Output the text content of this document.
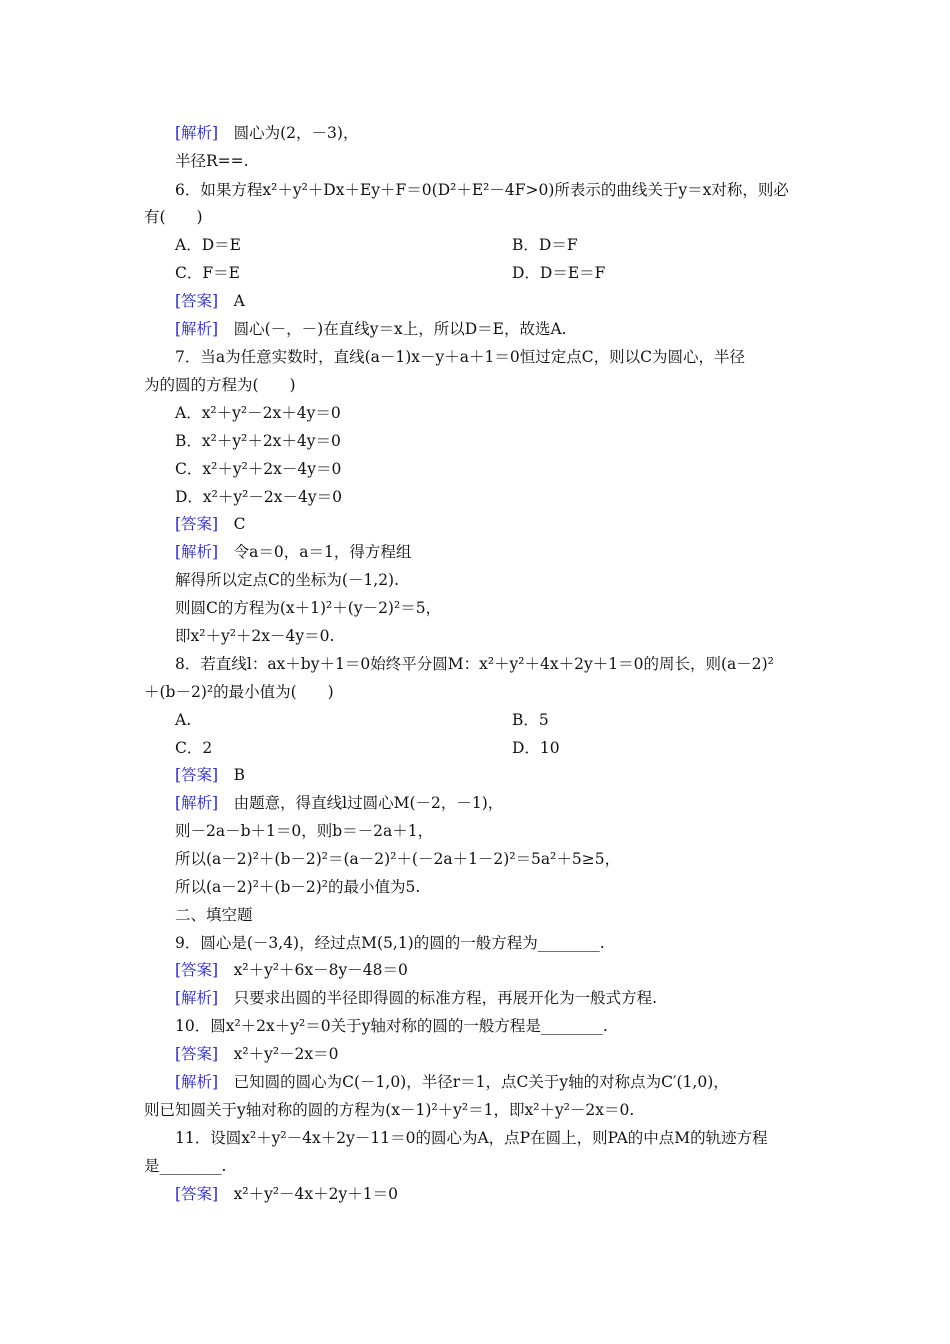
[解析]　 圆心为(2，－3)，
半径R==.
6．如果方程x²＋y²＋Dx＋Ey＋F＝0(D²＋E²－4F>0)所表示的曲线关于y＝x对称，则必
有(　　)
A．D＝E	B．D＝F
C．F＝E	D．D＝E＝F
[答案]　 A
[解析]　 圆心(－，－)在直线y＝x上，所以D＝E，故选A.
7．当a为任意实数时，直线(a－1)x－y＋a＋1＝0恒过定点C，则以C为圆心，半径
为的圆的方程为(　　)
A．x²＋y²－2x＋4y＝0
B．x²＋y²＋2x＋4y＝0
C．x²＋y²＋2x－4y＝0
D．x²＋y²－2x－4y＝0
[答案]　 C
[解析]　 令a＝0，a＝1，得方程组
解得所以定点C的坐标为(－1,2).
则圆C的方程为(x＋1)²＋(y－2)²＝5，
即x²＋y²＋2x－4y＝0.
8．若直线l：ax＋by＋1＝0始终平分圆M：x²＋y²＋4x＋2y＋1＝0的周长，则(a－2)²
＋(b－2)²的最小值为(　　)
A.	B．5
C．2	D．10
[答案]　 B
[解析]　 由题意，得直线l过圆心M(－2，－1)，
则－2a－b＋1＝0，则b＝－2a＋1，
所以(a－2)²＋(b－2)²＝(a－2)²＋(－2a＋1－2)²＝5a²＋5≥5，
所以(a－2)²＋(b－2)²的最小值为5.
二、填空题
9．圆心是(－3,4)，经过点M(5,1)的圆的一般方程为________.
[答案]　 x²＋y²＋6x－8y－48＝0
[解析]　 只要求出圆的半径即得圆的标准方程，再展开化为一般式方程.
10．圆x²＋2x＋y²＝0关于y轴对称的圆的一般方程是________.
[答案]　 x²＋y²－2x＝0
[解析]　 已知圆的圆心为C(－1,0)，半径r＝1，点C关于y轴的对称点为C′(1,0)，
则已知圆关于y轴对称的圆的方程为(x－1)²＋y²＝1，即x²＋y²－2x＝0.
11．设圆x²＋y²－4x＋2y－11＝0的圆心为A，点P在圆上，则PA的中点M的轨迹方程
是________.
[答案]　 x²＋y²－4x＋2y＋1＝0
